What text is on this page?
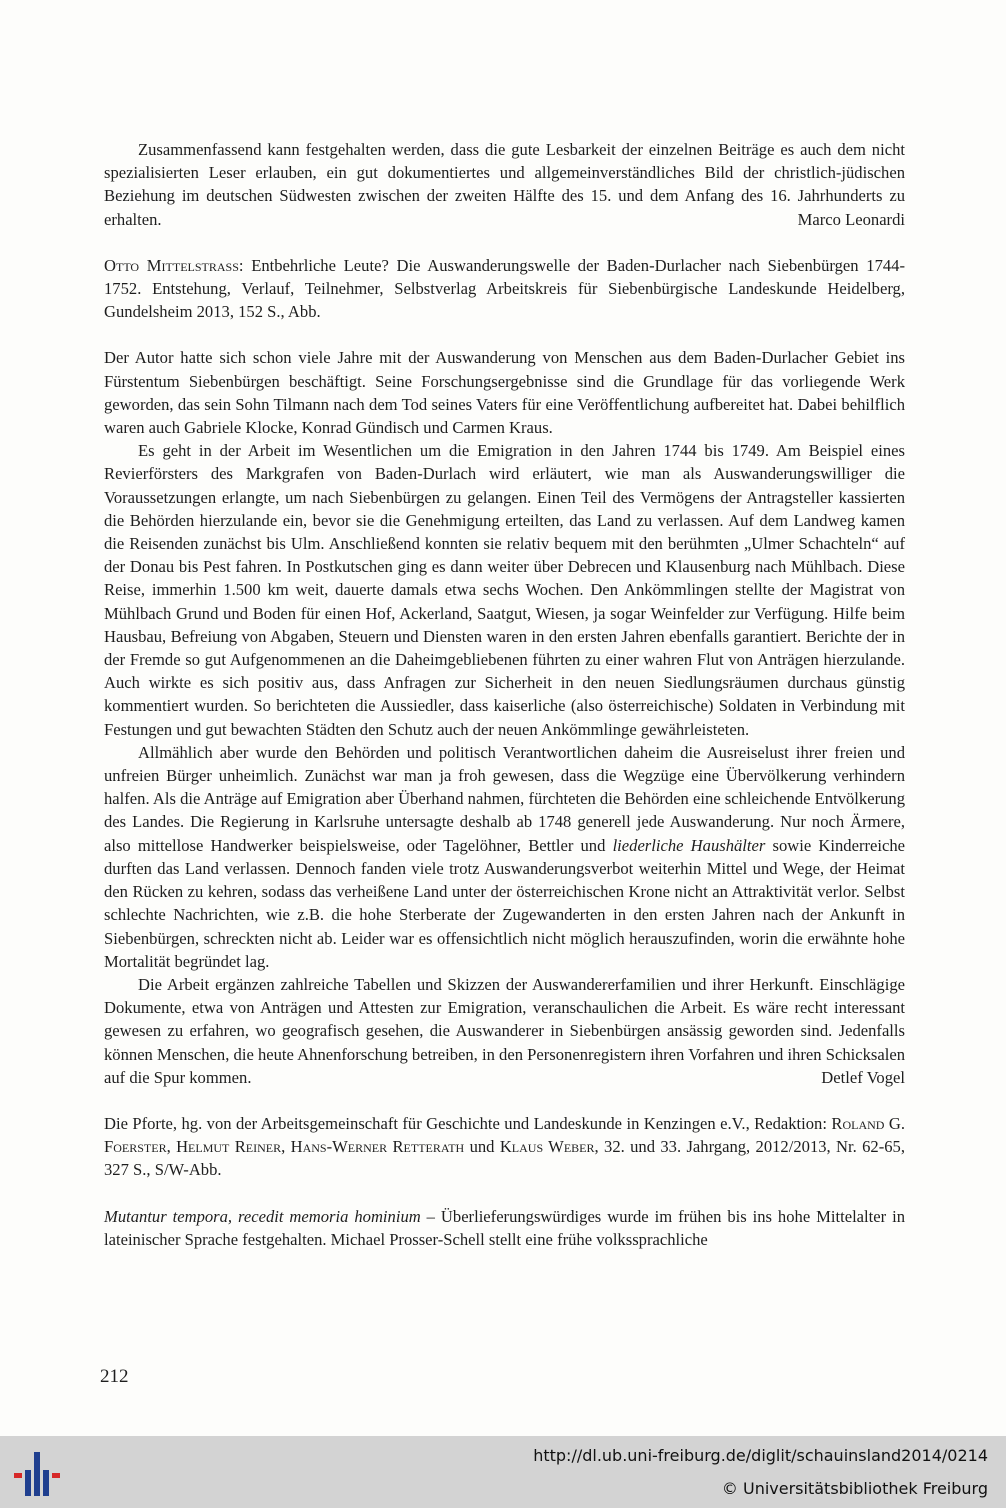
Zusammenfassend kann festgehalten werden, dass die gute Lesbarkeit der einzelnen Beiträge es auch dem nicht spezialisierten Leser erlauben, ein gut dokumentiertes und allgemeinverständliches Bild der christlich-jüdischen Beziehung im deutschen Südwesten zwischen der zweiten Hälfte des 15. und dem Anfang des 16. Jahrhunderts zu erhalten.	Marco Leonardi

Otto Mittelstrass: Entbehrliche Leute? Die Auswanderungswelle der Baden-Durlacher nach Siebenbürgen 1744-1752. Entstehung, Verlauf, Teilnehmer, Selbstverlag Arbeitskreis für Siebenbürgische Landeskunde Heidelberg, Gundelsheim 2013, 152 S., Abb.

Der Autor hatte sich schon viele Jahre mit der Auswanderung von Menschen aus dem Baden-Durlacher Gebiet ins Fürstentum Siebenbürgen beschäftigt. Seine Forschungsergebnisse sind die Grundlage für das vorliegende Werk geworden, das sein Sohn Tilmann nach dem Tod seines Vaters für eine Veröffentlichung aufbereitet hat. Dabei behilflich waren auch Gabriele Klocke, Konrad Gündisch und Carmen Kraus.

Es geht in der Arbeit im Wesentlichen um die Emigration in den Jahren 1744 bis 1749. Am Beispiel eines Revierförsters des Markgrafen von Baden-Durlach wird erläutert, wie man als Auswanderungswilliger die Voraussetzungen erlangte, um nach Siebenbürgen zu gelangen. Einen Teil des Vermögens der Antragsteller kassierten die Behörden hierzulande ein, bevor sie die Genehmigung erteilten, das Land zu verlassen. Auf dem Landweg kamen die Reisenden zunächst bis Ulm. Anschließend konnten sie relativ bequem mit den berühmten „Ulmer Schachteln“ auf der Donau bis Pest fahren. In Postkutschen ging es dann weiter über Debrecen und Klausenburg nach Mühlbach. Diese Reise, immerhin 1.500 km weit, dauerte damals etwa sechs Wochen. Den Ankömmlingen stellte der Magistrat von Mühlbach Grund und Boden für einen Hof, Ackerland, Saatgut, Wiesen, ja sogar Weinfelder zur Verfügung. Hilfe beim Hausbau, Befreiung von Abgaben, Steuern und Diensten waren in den ersten Jahren ebenfalls garantiert. Berichte der in der Fremde so gut Aufgenommenen an die Daheimgebliebenen führten zu einer wahren Flut von Anträgen hierzulande. Auch wirkte es sich positiv aus, dass Anfragen zur Sicherheit in den neuen Siedlungsräumen durchaus günstig kommentiert wurden. So berichteten die Aussiedler, dass kaiserliche (also österreichische) Soldaten in Verbindung mit Festungen und gut bewachten Städten den Schutz auch der neuen Ankömmlinge gewährleisteten.

Allmählich aber wurde den Behörden und politisch Verantwortlichen daheim die Ausreiselust ihrer freien und unfreien Bürger unheimlich. Zunächst war man ja froh gewesen, dass die Wegzüge eine Übervölkerung verhindern halfen. Als die Anträge auf Emigration aber Überhand nahmen, fürchteten die Behörden eine schleichende Entvölkerung des Landes. Die Regierung in Karlsruhe untersagte deshalb ab 1748 generell jede Auswanderung. Nur noch Ärmere, also mittellose Handwerker beispielsweise, oder Tagelöhner, Bettler und liederliche Haushälter sowie Kinderreiche durften das Land verlassen. Dennoch fanden viele trotz Auswanderungsverbot weiterhin Mittel und Wege, der Heimat den Rücken zu kehren, sodass das verheißene Land unter der österreichischen Krone nicht an Attraktivität verlor. Selbst schlechte Nachrichten, wie z.B. die hohe Sterberate der Zugewanderten in den ersten Jahren nach der Ankunft in Siebenbürgen, schreckten nicht ab. Leider war es offensichtlich nicht möglich herauszufinden, worin die erwähnte hohe Mortalität begründet lag.

Die Arbeit ergänzen zahlreiche Tabellen und Skizzen der Auswandererfamilien und ihrer Herkunft. Einschlägige Dokumente, etwa von Anträgen und Attesten zur Emigration, veranschaulichen die Arbeit. Es wäre recht interessant gewesen zu erfahren, wo geografisch gesehen, die Auswanderer in Siebenbürgen ansässig geworden sind. Jedenfalls können Menschen, die heute Ahnenforschung betreiben, in den Personenregistern ihren Vorfahren und ihren Schicksalen auf die Spur kommen.	Detlef Vogel

Die Pforte, hg. von der Arbeitsgemeinschaft für Geschichte und Landeskunde in Kenzingen e.V., Redaktion: Roland G. Foerster, Helmut Reiner, Hans-Werner Retterath und Klaus Weber, 32. und 33. Jahrgang, 2012/2013, Nr. 62-65, 327 S., S/W-Abb.

Mutantur tempora, recedit memoria hominium – Überlieferungswürdiges wurde im frühen bis ins hohe Mittelalter in lateinischer Sprache festgehalten. Michael Prosser-Schell stellt eine frühe volkssprachliche

212
http://dl.ub.uni-freiburg.de/diglit/schauinsland2014/0214
© Universitätsbibliothek Freiburg
